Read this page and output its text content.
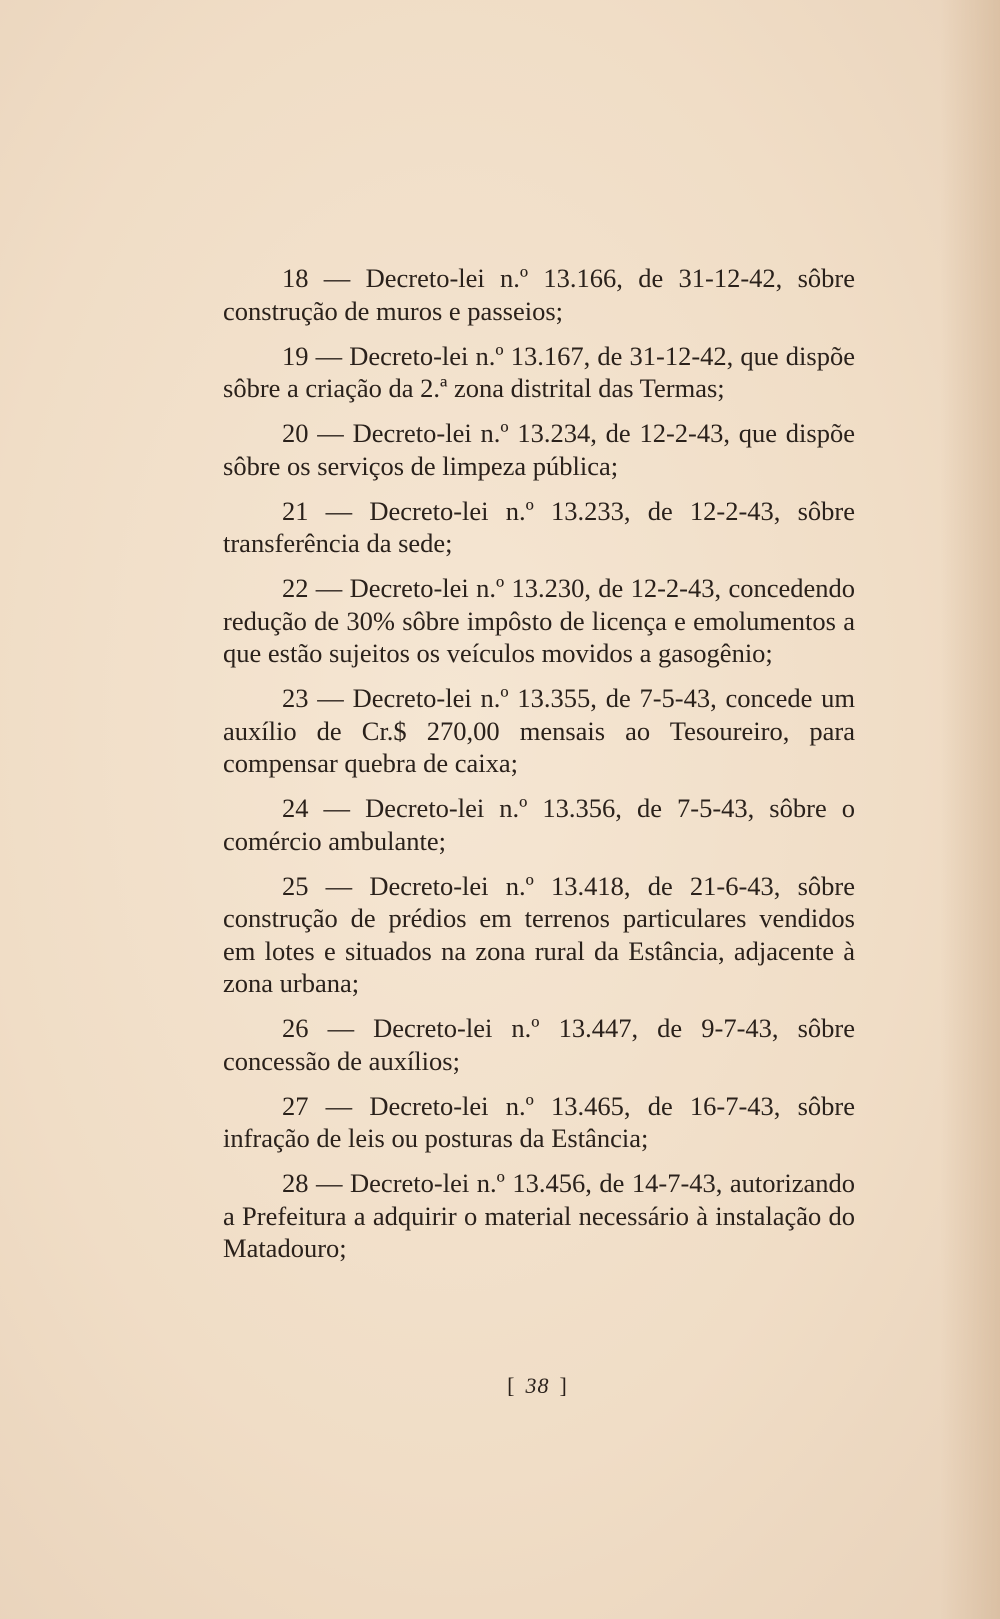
18 — Decreto-lei n.º 13.166, de 31-12-42, sôbre construção de muros e passeios;

19 — Decreto-lei n.º 13.167, de 31-12-42, que dispõe sôbre a criação da 2.ª zona distrital das Termas;

20 — Decreto-lei n.º 13.234, de 12-2-43, que dispõe sôbre os serviços de limpeza pública;

21 — Decreto-lei n.º 13.233, de 12-2-43, sôbre transferência da sede;

22 — Decreto-lei n.º 13.230, de 12-2-43, concedendo redução de 30% sôbre impôsto de licença e emolumentos a que estão sujeitos os veículos movidos a gasogênio;

23 — Decreto-lei n.º 13.355, de 7-5-43, concede um auxílio de Cr.$ 270,00 mensais ao Tesoureiro, para compensar quebra de caixa;

24 — Decreto-lei n.º 13.356, de 7-5-43, sôbre o comércio ambulante;

25 — Decreto-lei n.º 13.418, de 21-6-43, sôbre construção de prédios em terrenos particulares vendidos em lotes e situados na zona rural da Estância, adjacente à zona urbana;

26 — Decreto-lei n.º 13.447, de 9-7-43, sôbre concessão de auxílios;

27 — Decreto-lei n.º 13.465, de 16-7-43, sôbre infração de leis ou posturas da Estância;

28 — Decreto-lei n.º 13.456, de 14-7-43, autorizando a Prefeitura a adquirir o material necessário à instalação do Matadouro;

[ 38 ]
